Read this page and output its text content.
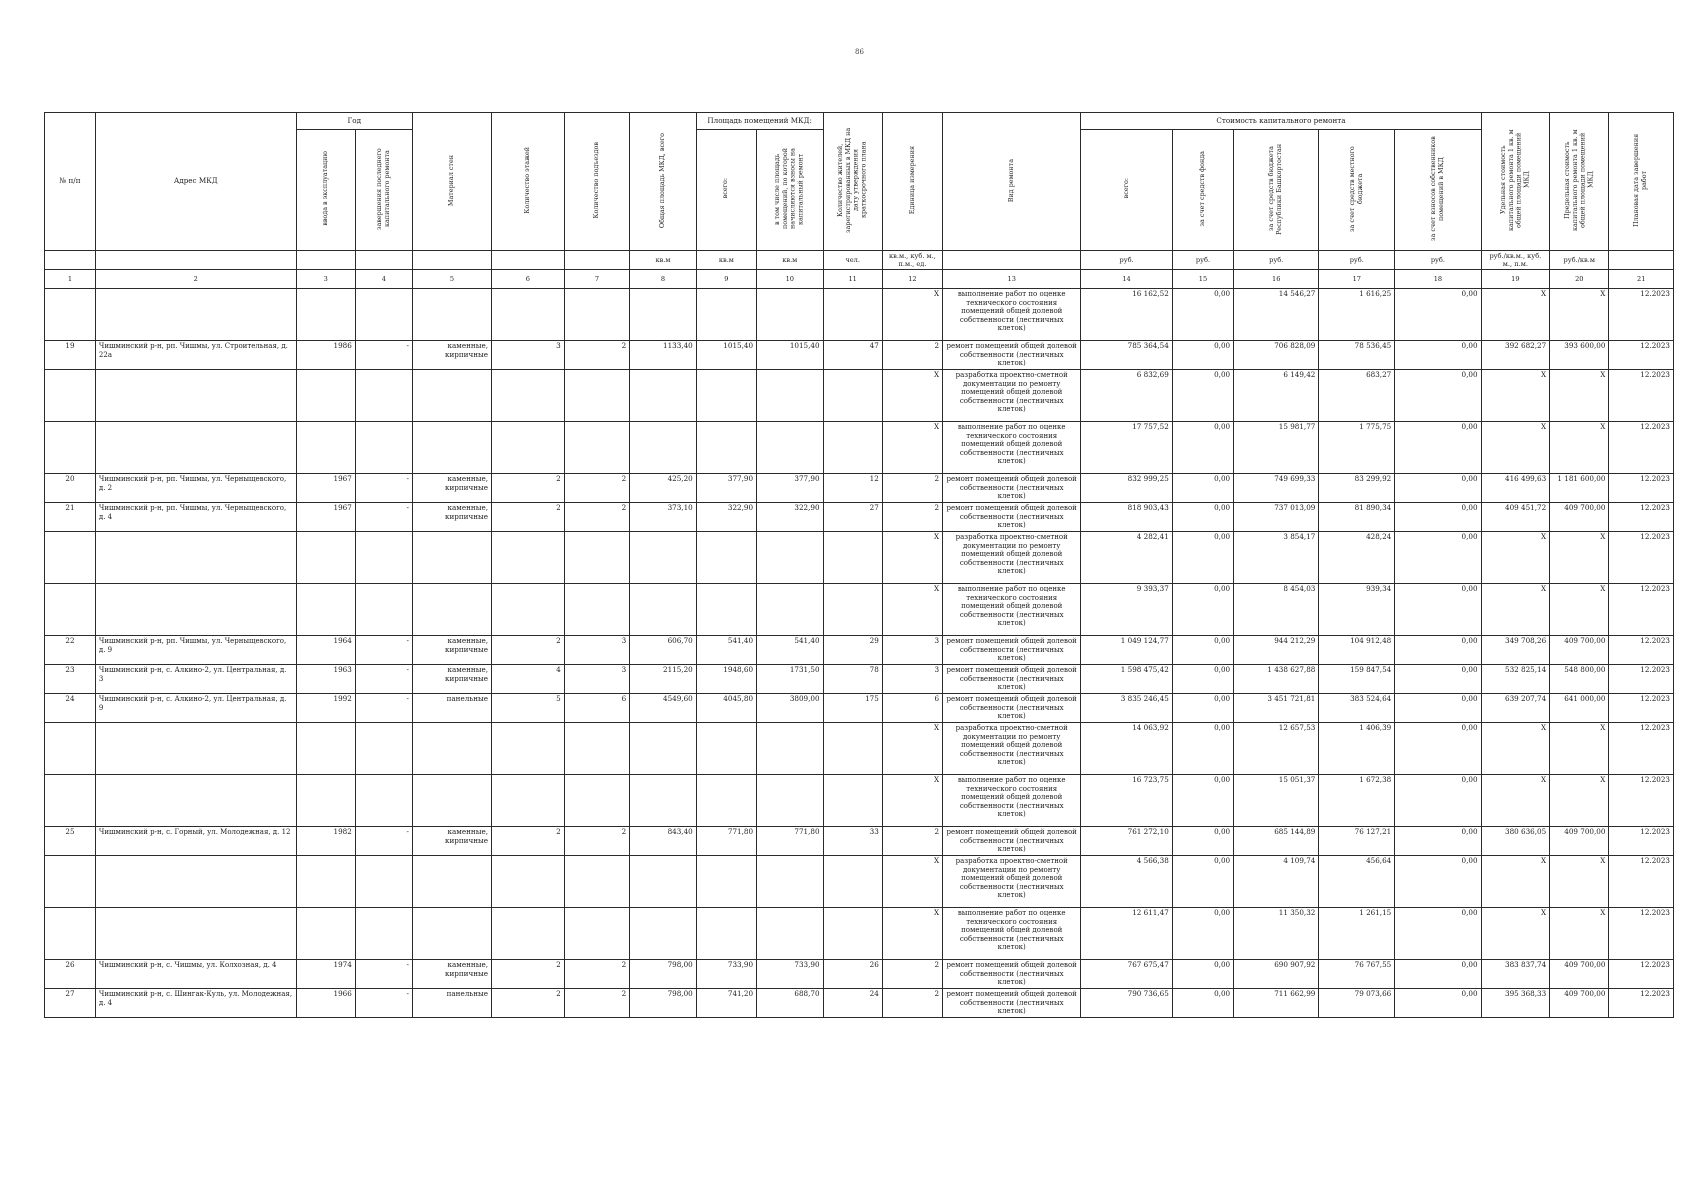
86
№ п/п	Адрес МКД	Год		Материал стен	Количество этажей	Количество подъездов	Общая площадь МКД, всего	Площадь помещений МКД:		Количество жителей, зарегистрированных в МКД на дату утверждения краткосрочного плана	Единица измерения	Вид ремонта	Стоимость капитального ремонта					Удельная стоимость капитального ремонта 1 кв. м общей площади помещений МКД	Предельная стоимость капитального ремонта 1 кв. м общей площади помещений МКД	Плановая дата завершения работ
		ввода в эксплуатацию	завершения последнего капитального ремонта					всего:	в том числе площадь помещений, по которой начисляются взносы на капитальный ремонт				всего:	за счет средств фонда	за счет средств бюджета Республики Башкортостан	за счет средств местного бюджета	за счет взносов собственников помещений в МКД			
							кв.м	кв.м	кв.м	чел.	кв.м., куб. м., п.м., ед.		руб.	руб.	руб.	руб.	руб.	руб./кв.м., куб. м., п.м.	руб./кв.м	
1	2	3	4	5	6	7	8	9	10	11	12	13	14	15	16	17	18	19	20	21
											Х	выполнение работ по оценке технического состояния помещений общей долевой собственности (лестничных клеток)	16 162,52	0,00	14 546,27	1 616,25	0,00	Х	Х	12.2023
19	Чишминский р-н, рп. Чишмы, ул. Строительная, д. 22а	1986	-	каменные, кирпичные	3	2	1133,40	1015,40	1015,40	47	2	ремонт помещений общей долевой собственности (лестничных клеток)	785 364,54	0,00	706 828,09	78 536,45	0,00	392 682,27	393 600,00	12.2023
											Х	разработка проектно-сметной документации по ремонту помещений общей долевой собственности (лестничных клеток)	6 832,69	0,00	6 149,42	683,27	0,00	Х	Х	12.2023
											Х	выполнение работ по оценке технического состояния помещений общей долевой собственности (лестничных клеток)	17 757,52	0,00	15 981,77	1 775,75	0,00	Х	Х	12.2023
20	Чишминский р-н, рп. Чишмы, ул. Черныщевского, д. 2	1967	-	каменные, кирпичные	2	2	425,20	377,90	377,90	12	2	ремонт помещений общей долевой собственности (лестничных клеток)	832 999,25	0,00	749 699,33	83 299,92	0,00	416 499,63	1 181 600,00	12.2023
21	Чишминский р-н, рп. Чишмы, ул. Черныщевского, д. 4	1967	-	каменные, кирпичные	2	2	373,10	322,90	322,90	27	2	ремонт помещений общей долевой собственности (лестничных клеток)	818 903,43	0,00	737 013,09	81 890,34	0,00	409 451,72	409 700,00	12.2023
											Х	разработка проектно-сметной документации по ремонту помещений общей долевой собственности (лестничных клеток)	4 282,41	0,00	3 854,17	428,24	0,00	Х	Х	12.2023
											Х	выполнение работ по оценке технического состояния помещений общей долевой собственности (лестничных клеток)	9 393,37	0,00	8 454,03	939,34	0,00	Х	Х	12.2023
22	Чишминский р-н, рп. Чишмы, ул. Черныщевского, д. 9	1964	-	каменные, кирпичные	2	3	606,70	541,40	541,40	29	3	ремонт помещений общей долевой собственности (лестничных клеток)	1 049 124,77	0,00	944 212,29	104 912,48	0,00	349 708,26	409 700,00	12.2023
23	Чишминский р-н, с. Алкино-2, ул. Центральная, д. 3	1963	-	каменные, кирпичные	4	3	2115,20	1948,60	1731,50	78	3	ремонт помещений общей долевой собственности (лестничных клеток)	1 598 475,42	0,00	1 438 627,88	159 847,54	0,00	532 825,14	548 800,00	12.2023
24	Чишминский р-н, с. Алкино-2, ул. Центральная, д. 9	1992	-	панельные	5	6	4549,60	4045,80	3809,00	175	6	ремонт помещений общей долевой собственности (лестничных клеток)	3 835 246,45	0,00	3 451 721,81	383 524,64	0,00	639 207,74	641 000,00	12.2023
											Х	разработка проектно-сметной документации по ремонту помещений общей долевой собственности (лестничных клеток)	14 063,92	0,00	12 657,53	1 406,39	0,00	Х	Х	12.2023
											Х	выполнение работ по оценке технического состояния помещений общей долевой собственности (лестничных клеток)	16 723,75	0,00	15 051,37	1 672,38	0,00	Х	Х	12.2023
25	Чишминский р-н, с. Горный, ул. Молодежная, д. 12	1982	-	каменные, кирпичные	2	2	843,40	771,80	771,80	33	2	ремонт помещений общей долевой собственности (лестничных клеток)	761 272,10	0,00	685 144,89	76 127,21	0,00	380 636,05	409 700,00	12.2023
											Х	разработка проектно-сметной документации по ремонту помещений общей долевой собственности (лестничных клеток)	4 566,38	0,00	4 109,74	456,64	0,00	Х	Х	12.2023
											Х	выполнение работ по оценке технического состояния помещений общей долевой собственности (лестничных клеток)	12 611,47	0,00	11 350,32	1 261,15	0,00	Х	Х	12.2023
26	Чишминский р-н, с. Чишмы, ул. Колхозная, д. 4	1974	-	каменные, кирпичные	2	2	798,00	733,90	733,90	26	2	ремонт помещений общей долевой собственности (лестничных клеток)	767 675,47	0,00	690 907,92	76 767,55	0,00	383 837,74	409 700,00	12.2023
27	Чишминский р-н, с. Шингак-Куль, ул. Молодежная, д. 4	1966	-	панельные	2	2	798,00	741,20	688,70	24	2	ремонт помещений общей долевой собственности (лестничных клеток)	790 736,65	0,00	711 662,99	79 073,66	0,00	395 368,33	409 700,00	12.2023
